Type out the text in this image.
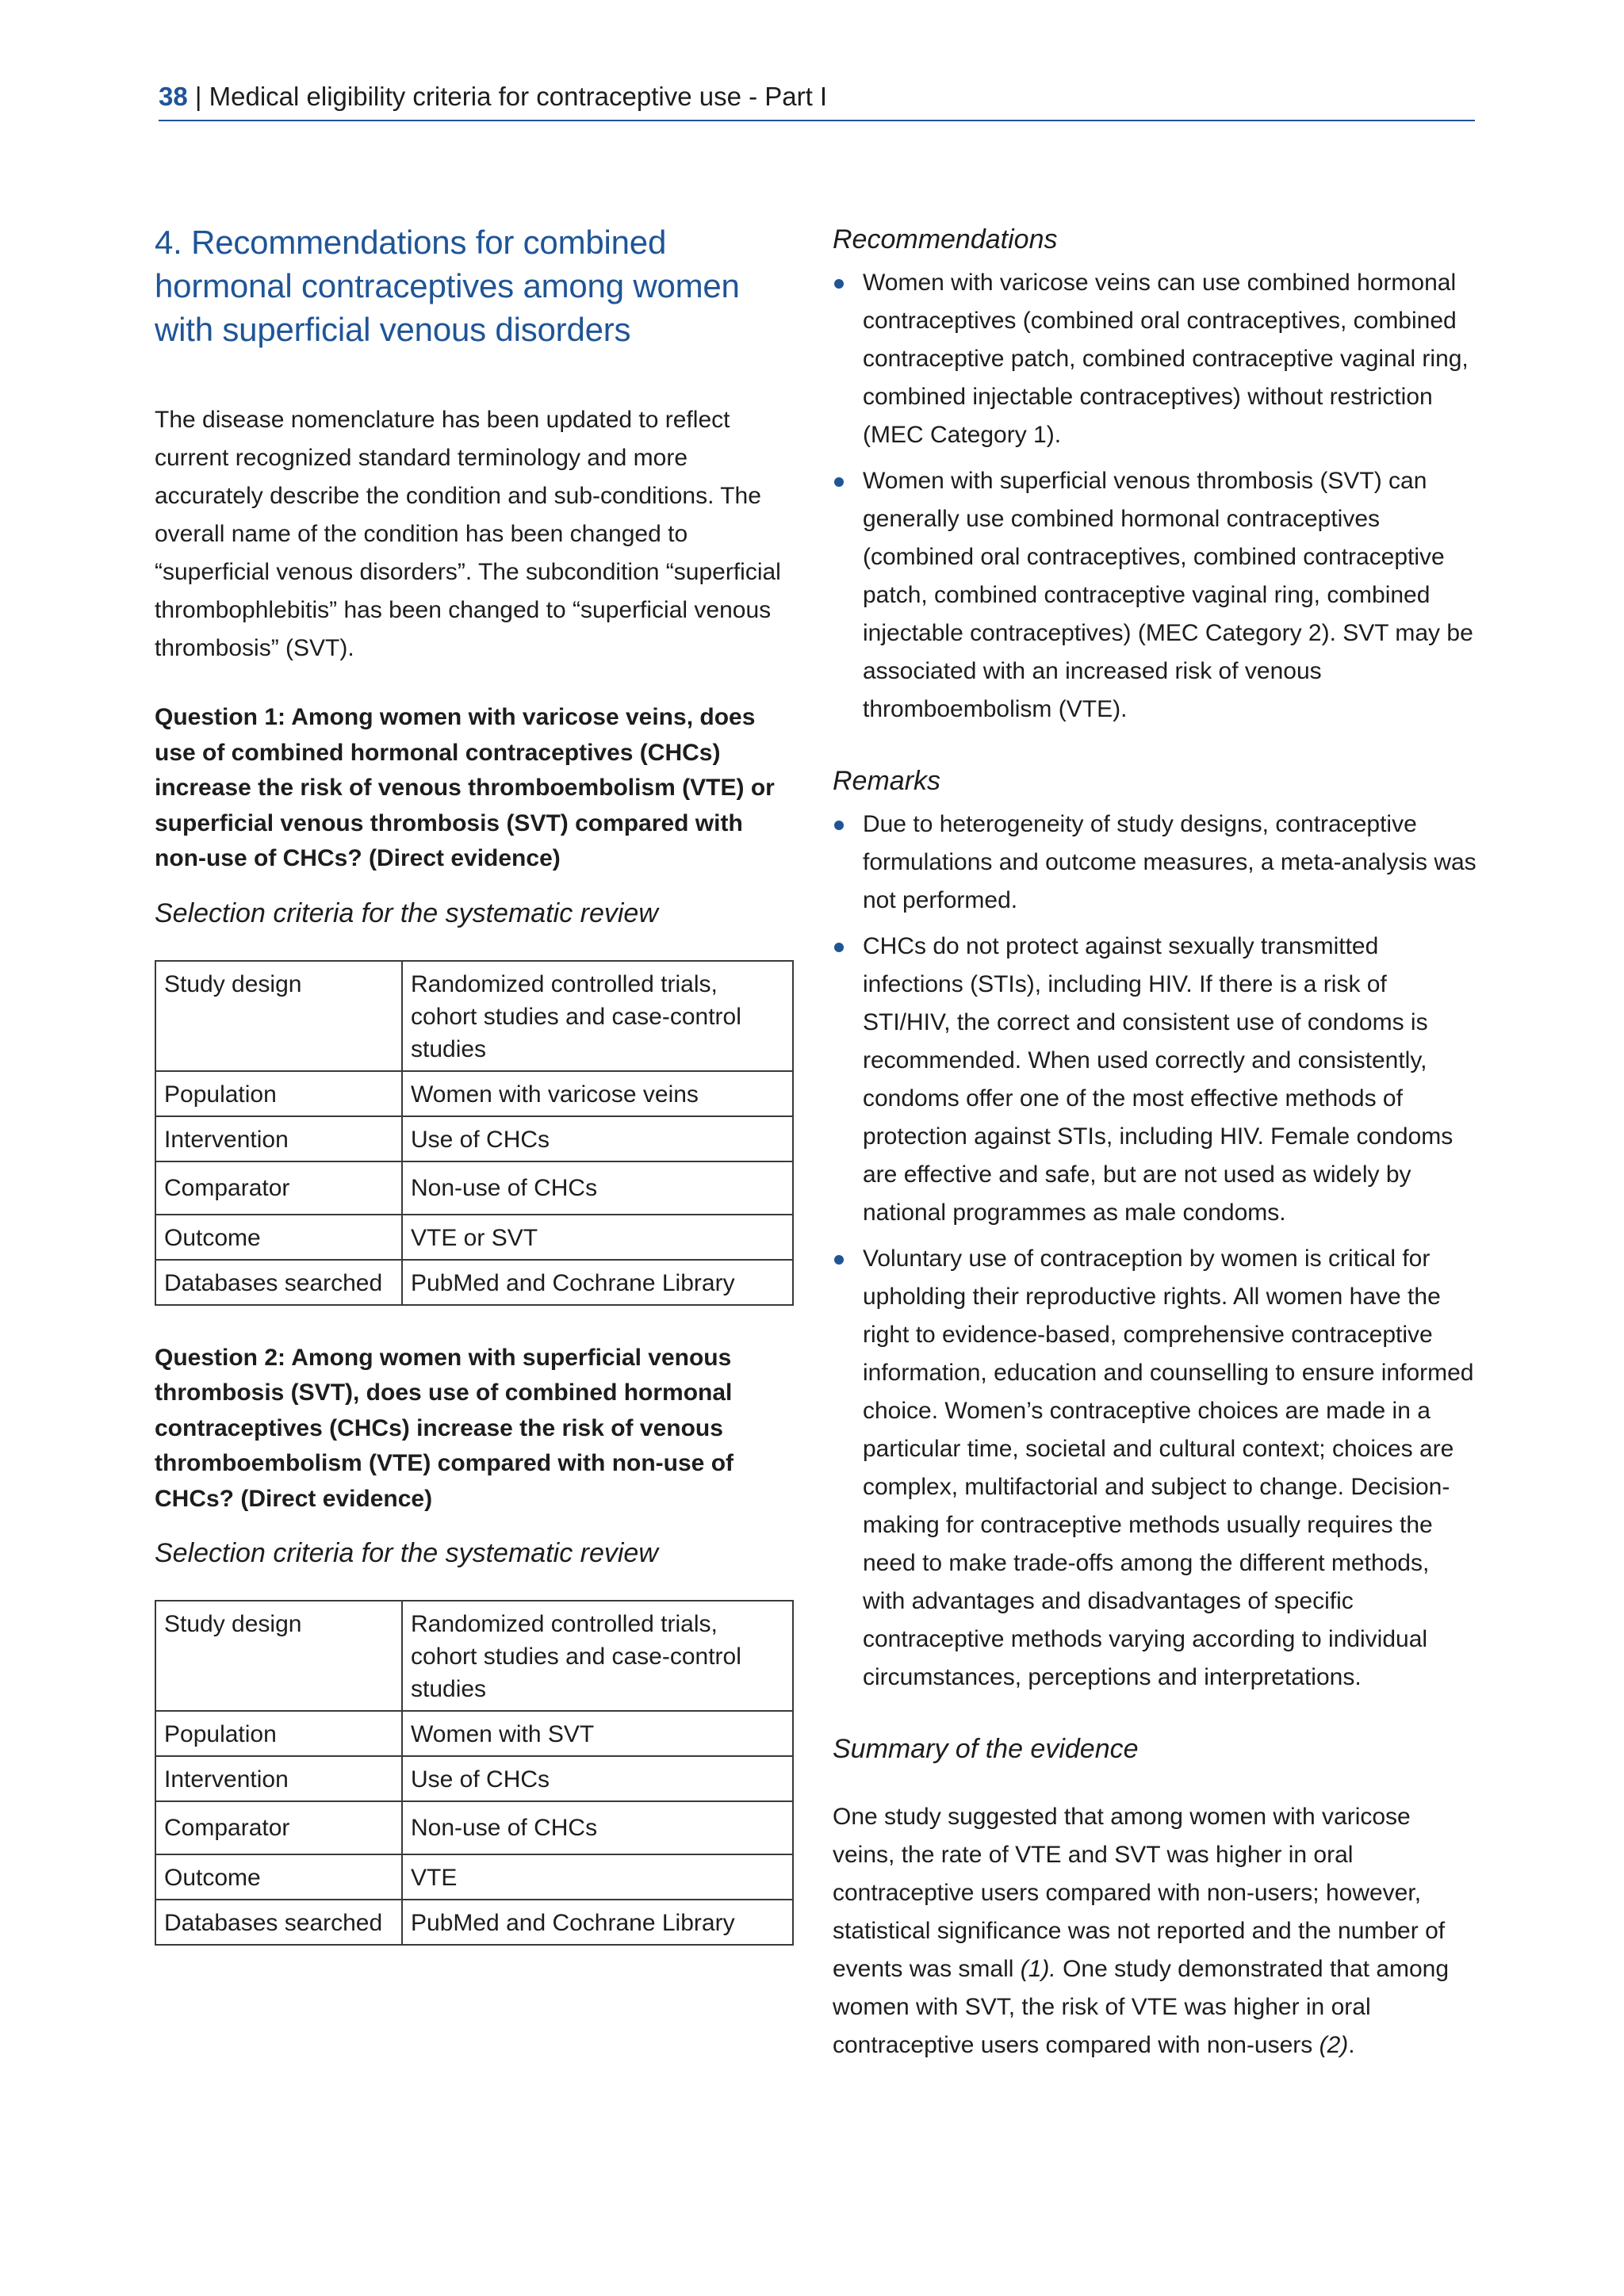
38 | Medical eligibility criteria for contraceptive use - Part I
4. Recommendations for combined hormonal contraceptives among women with superficial venous disorders

The disease nomenclature has been updated to reflect current recognized standard terminology and more accurately describe the condition and sub-conditions. The overall name of the condition has been changed to “superficial venous disorders”. The subcondition “superficial thrombophlebitis” has been changed to “superficial venous thrombosis” (SVT).

Question 1: Among women with varicose veins, does use of combined hormonal contraceptives (CHCs) increase the risk of venous thromboembolism (VTE) or superficial venous thrombosis (SVT) compared with non-use of CHCs? (Direct evidence)

Selection criteria for the systematic review

Study design	Randomized controlled trials, cohort studies and case-control studies
Population	Women with varicose veins
Intervention	Use of CHCs
Comparator	Non-use of CHCs
Outcome	VTE or SVT
Databases searched	PubMed and Cochrane Library

Question 2: Among women with superficial venous thrombosis (SVT), does use of combined hormonal contraceptives (CHCs) increase the risk of venous thromboembolism (VTE) compared with non-use of CHCs? (Direct evidence)

Selection criteria for the systematic review

Study design	Randomized controlled trials, cohort studies and case-control studies
Population	Women with SVT
Intervention	Use of CHCs
Comparator	Non-use of CHCs
Outcome	VTE
Databases searched	PubMed and Cochrane Library

Recommendations

Women with varicose veins can use combined hormonal contraceptives (combined oral contraceptives, combined contraceptive patch, combined contraceptive vaginal ring, combined injectable contraceptives) without restriction (MEC Category 1).
Women with superficial venous thrombosis (SVT) can generally use combined hormonal contraceptives (combined oral contraceptives, combined contraceptive patch, combined contraceptive vaginal ring, combined injectable contraceptives) (MEC Category 2). SVT may be associated with an increased risk of venous thromboembolism (VTE).

Remarks

Due to heterogeneity of study designs, contraceptive formulations and outcome measures, a meta-analysis was not performed.
CHCs do not protect against sexually transmitted infections (STIs), including HIV. If there is a risk of STI/HIV, the correct and consistent use of condoms is recommended. When used correctly and consistently, condoms offer one of the most effective methods of protection against STIs, including HIV. Female condoms are effective and safe, but are not used as widely by national programmes as male condoms.
Voluntary use of contraception by women is critical for upholding their reproductive rights. All women have the right to evidence-based, comprehensive contraceptive information, education and counselling to ensure informed choice. Women’s contraceptive choices are made in a particular time, societal and cultural context; choices are complex, multifactorial and subject to change. Decision-making for contraceptive methods usually requires the need to make trade-offs among the different methods, with advantages and disadvantages of specific contraceptive methods varying according to individual circumstances, perceptions and interpretations.

Summary of the evidence

One study suggested that among women with varicose veins, the rate of VTE and SVT was higher in oral contraceptive users compared with non-users; however, statistical significance was not reported and the number of events was small (1). One study demonstrated that among women with SVT, the risk of VTE was higher in oral contraceptive users compared with non-users (2).
